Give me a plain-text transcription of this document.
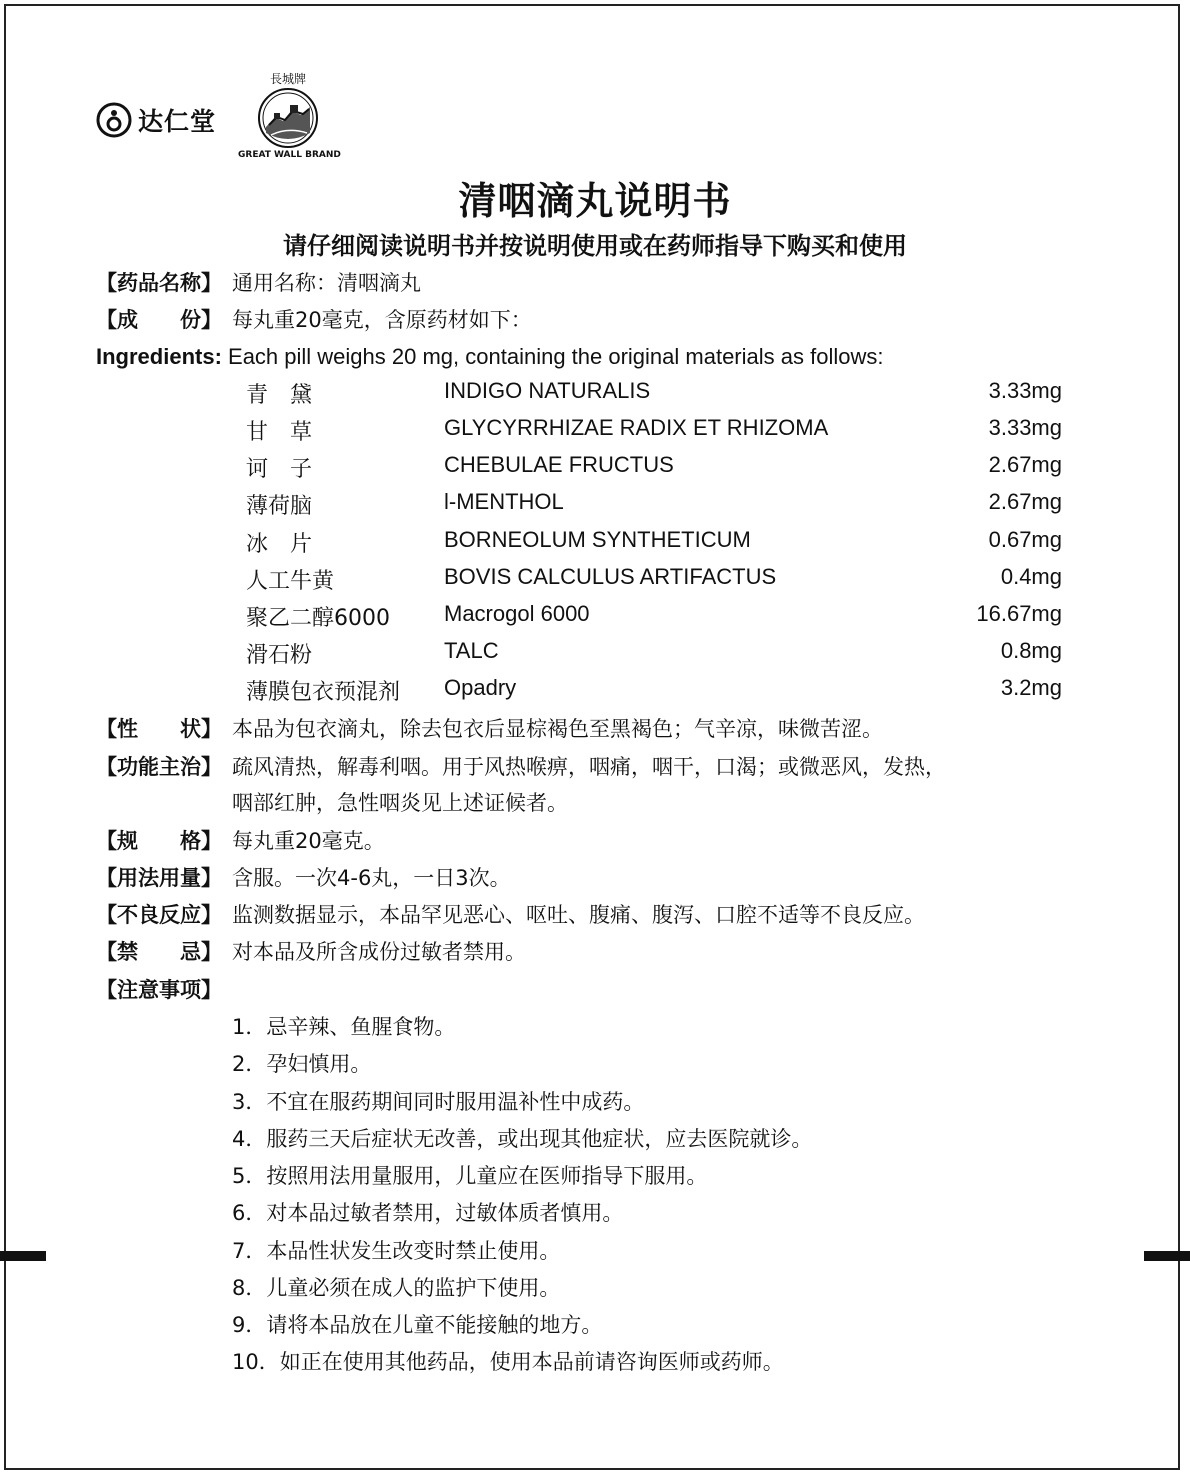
达仁堂
長城牌
GREAT WALL BRAND
清咽滴丸说明书
请仔细阅读说明书并按说明使用或在药师指导下购买和使用
【药品名称】 通用名称：清咽滴丸
【成　　份】 每丸重20毫克，含原药材如下：
Ingredients: Each pill weighs 20 mg, containing the original materials as follows:
青　黛	INDIGO NATURALIS	3.33mg
甘　草	GLYCYRRHIZAE RADIX ET RHIZOMA	3.33mg
诃　子	CHEBULAE FRUCTUS	2.67mg
薄荷脑	l-MENTHOL	2.67mg
冰　片	BORNEOLUM SYNTHETICUM	0.67mg
人工牛黄	BOVIS CALCULUS ARTIFACTUS	0.4mg
聚乙二醇6000 Macrogol 6000	16.67mg
滑石粉	TALC	0.8mg
薄膜包衣预混剂 Opadry	3.2mg
【性　　状】 本品为包衣滴丸，除去包衣后显棕褐色至黑褐色；气辛凉，味微苦涩。
【功能主治】 疏风清热，解毒利咽。用于风热喉痹，咽痛，咽干，口渴；或微恶风，发热，
咽部红肿，急性咽炎见上述证候者。
【规　　格】 每丸重20毫克。
【用法用量】 含服。一次4-6丸，一日3次。
【不良反应】 监测数据显示，本品罕见恶心、呕吐、腹痛、腹泻、口腔不适等不良反应。
【禁　　忌】 对本品及所含成份过敏者禁用。
【注意事项】
1．忌辛辣、鱼腥食物。
2．孕妇慎用。
3．不宜在服药期间同时服用温补性中成药。
4．服药三天后症状无改善，或出现其他症状，应去医院就诊。
5．按照用法用量服用，儿童应在医师指导下服用。
6．对本品过敏者禁用，过敏体质者慎用。
7．本品性状发生改变时禁止使用。
8．儿童必须在成人的监护下使用。
9．请将本品放在儿童不能接触的地方。
10．如正在使用其他药品，使用本品前请咨询医师或药师。
